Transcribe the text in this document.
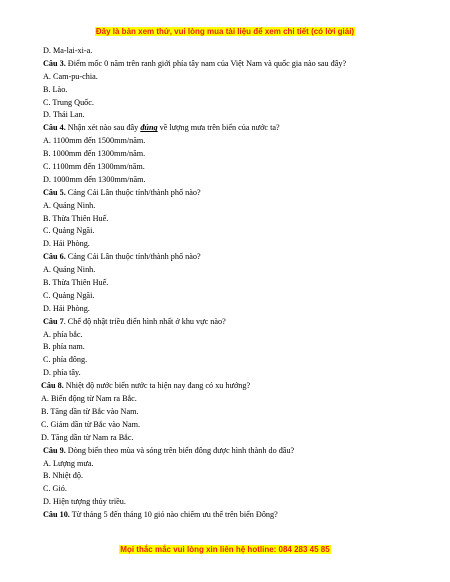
Đây là bản xem thử, vui lòng mua tài liệu để xem chi tiết (có lời giải)
D. Ma-lai-xi-a.
Câu 3. Điểm mốc 0 năm trên ranh giới phía tây nam của Việt Nam và quốc gia nào sau đây?
A. Cam-pu-chia.
B. Lào.
C. Trung Quốc.
D. Thái Lan.
Câu 4. Nhận xét nào sau đây đúng về lượng mưa trên biển của nước ta?
A. 1100mm đến 1500mm/năm.
B. 1000mm đến 1300mm/năm.
C. 1100mm đến 1300mm/năm.
D. 1000mm đến 1300mm/năm.
Câu 5. Cảng Cái Lân thuộc tỉnh/thành phố nào?
A. Quảng Ninh.
B. Thừa Thiên Huế.
C. Quảng Ngãi.
D. Hải Phòng.
Câu 6. Cảng Cái Lân thuộc tỉnh/thành phố nào?
A. Quảng Ninh.
B. Thừa Thiên Huế.
C. Quảng Ngãi.
D. Hải Phòng.
Câu 7. Chế độ nhật triều điển hình nhất ở khu vực nào?
A. phía bắc.
B. phía nam.
C. phía đông.
D. phía tây.
Câu 8. Nhiệt độ nước biển nước ta hiện nay đang có xu hướng?
A. Biến động từ Nam ra Bắc.
B. Tăng dần từ Bắc vào Nam.
C. Giảm dần từ Bắc vào Nam.
D. Tăng dần từ Nam ra Bắc.
Câu 9. Dòng biển theo mùa và sóng trên biển đông được hình thành do đâu?
A. Lượng mưa.
B. Nhiệt độ.
C. Gió.
D. Hiện tượng thủy triều.
Câu 10. Từ tháng 5 đến tháng 10 gió nào chiếm ưu thế trên biển Đông?
Mọi thắc mắc vui lòng xin liên hệ hotline: 084 283 45 85
